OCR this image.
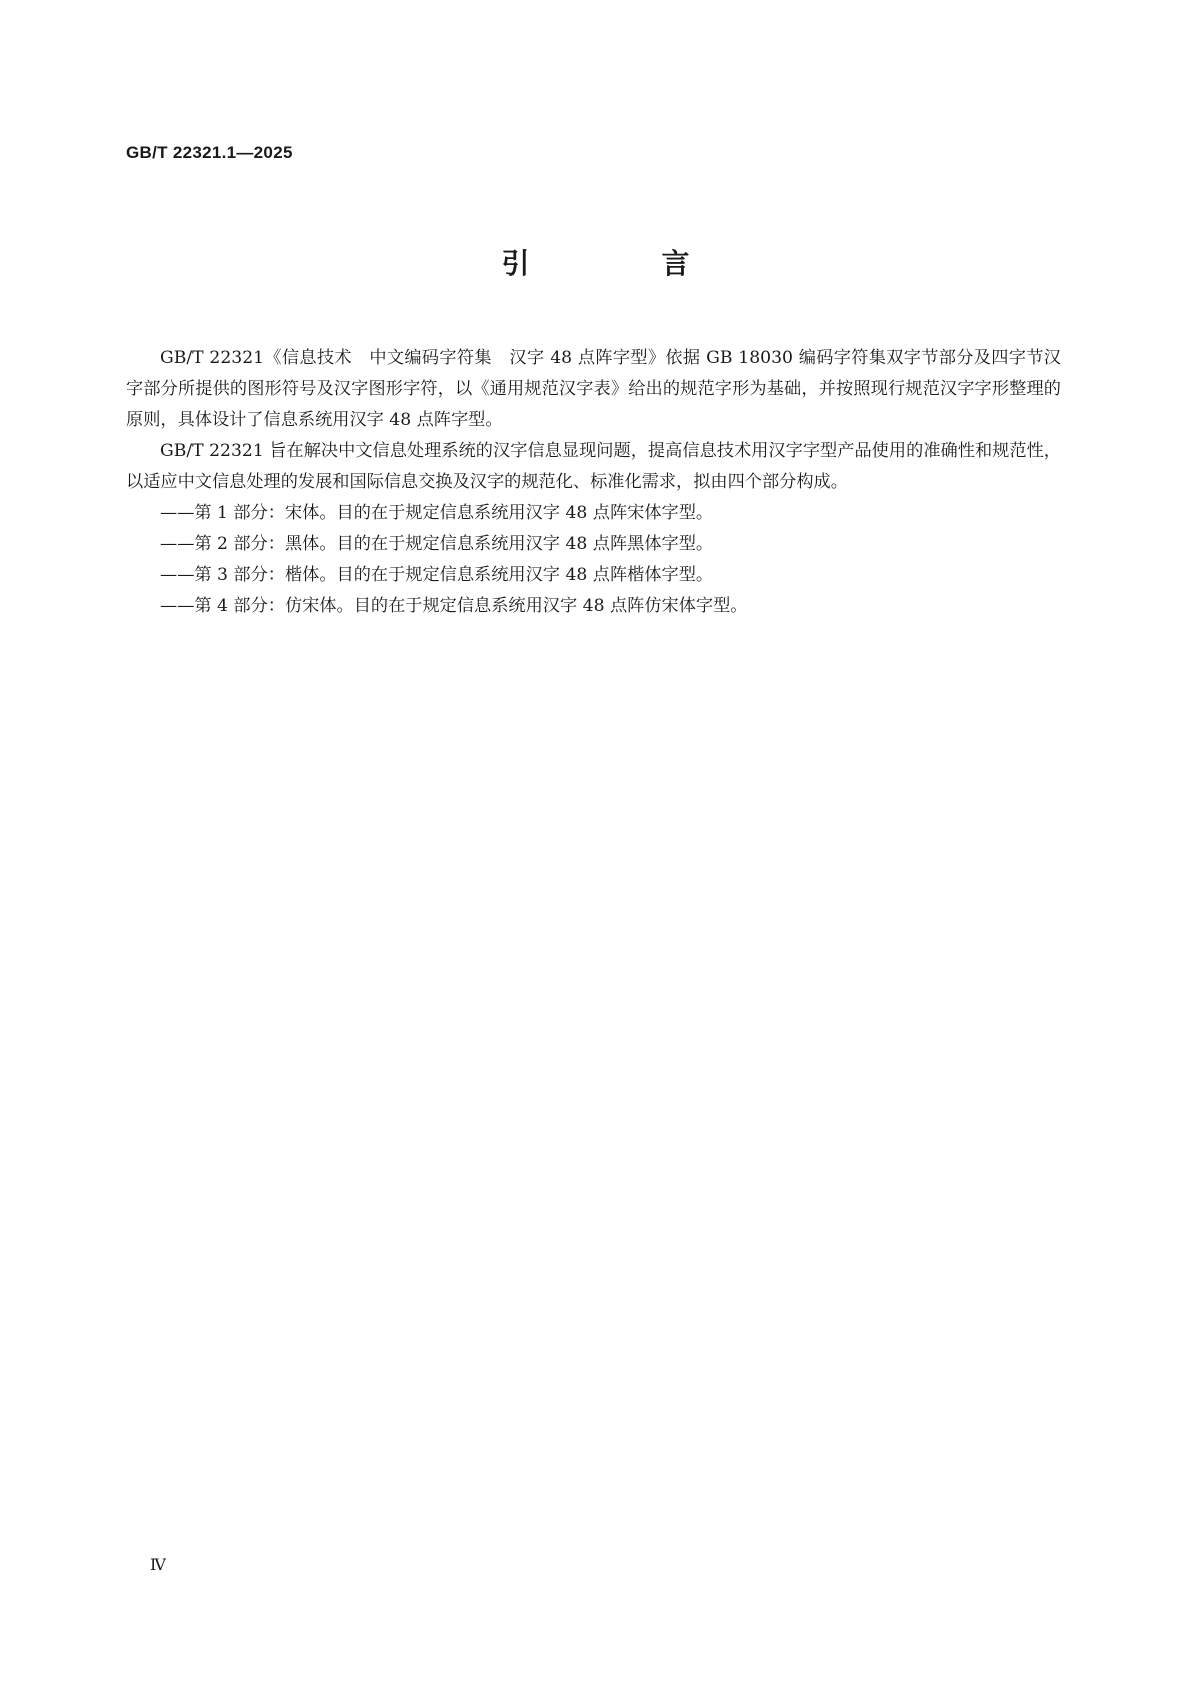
GB/T 22321.1—2025
引　言

GB/T 22321《信息技术　中文编码字符集　汉字 48 点阵字型》依据 GB 18030 编码字符集双字节部分及四字节汉字部分所提供的图形符号及汉字图形字符，以《通用规范汉字表》给出的规范字形为基础，并按照现行规范汉字字形整理的原则，具体设计了信息系统用汉字 48 点阵字型。

GB/T 22321 旨在解决中文信息处理系统的汉字信息显现问题，提高信息技术用汉字字型产品使用的准确性和规范性，以适应中文信息处理的发展和国际信息交换及汉字的规范化、标准化需求，拟由四个部分构成。

——第 1 部分：宋体。目的在于规定信息系统用汉字 48 点阵宋体字型。

——第 2 部分：黑体。目的在于规定信息系统用汉字 48 点阵黑体字型。

——第 3 部分：楷体。目的在于规定信息系统用汉字 48 点阵楷体字型。

——第 4 部分：仿宋体。目的在于规定信息系统用汉字 48 点阵仿宋体字型。

Ⅳ
